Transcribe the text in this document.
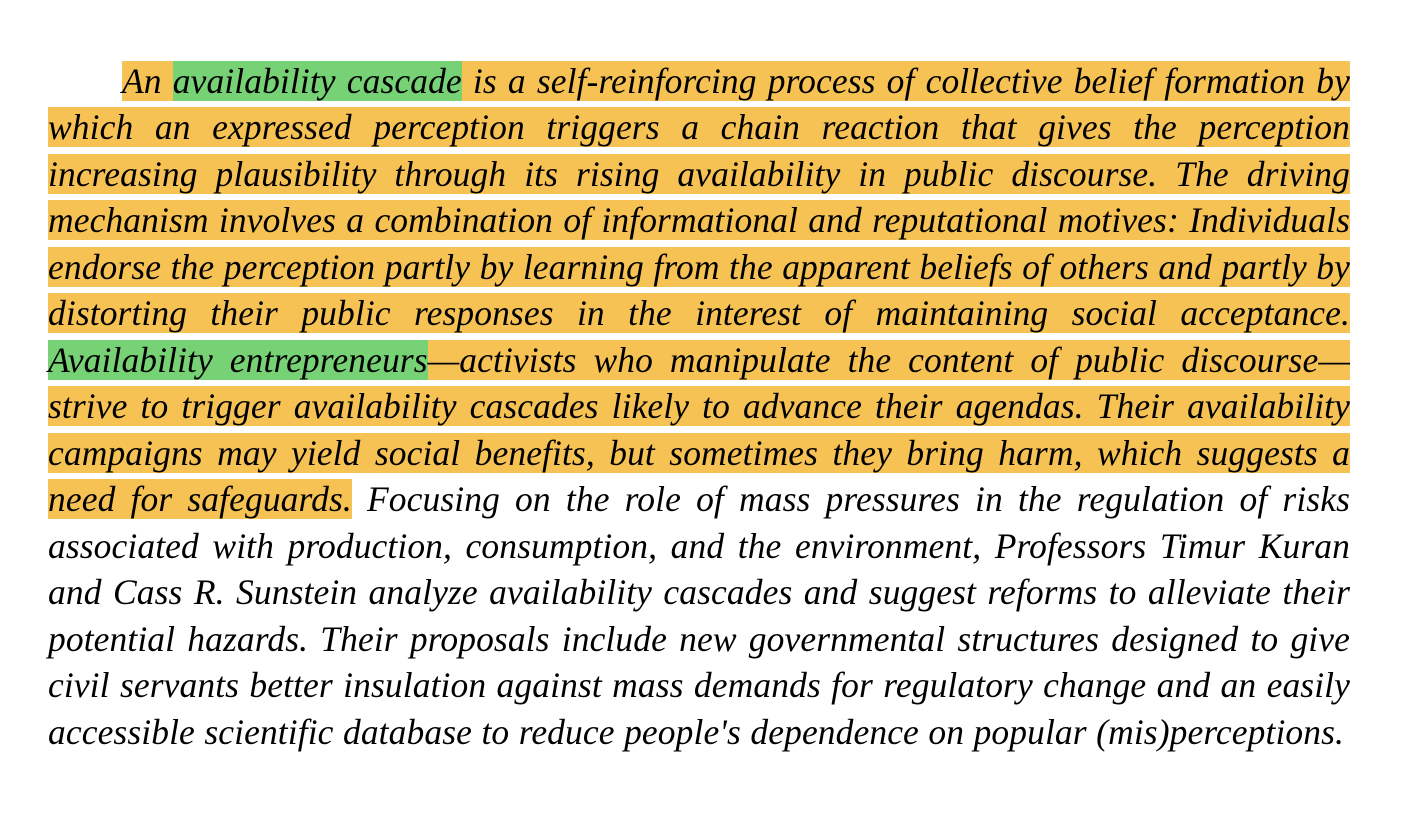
An availability cascade is a self-reinforcing process of collective belief formation by which an expressed perception triggers a chain reaction that gives the perception increasing plausibility through its rising availability in public discourse. The driving mechanism involves a combination of informational and reputational motives: Individuals endorse the perception partly by learning from the apparent beliefs of others and partly by distorting their public responses in the interest of maintaining social acceptance. Availability entrepreneurs—activists who manipulate the content of public discourse—strive to trigger availability cascades likely to advance their agendas. Their availability campaigns may yield social benefits, but sometimes they bring harm, which suggests a need for safeguards. Focusing on the role of mass pressures in the regulation of risks associated with production, consumption, and the environment, Professors Timur Kuran and Cass R. Sunstein analyze availability cascades and suggest reforms to alleviate their potential hazards. Their proposals include new governmental structures designed to give civil servants better insulation against mass demands for regulatory change and an easily accessible scientific database to reduce people's dependence on popular (mis)perceptions.
